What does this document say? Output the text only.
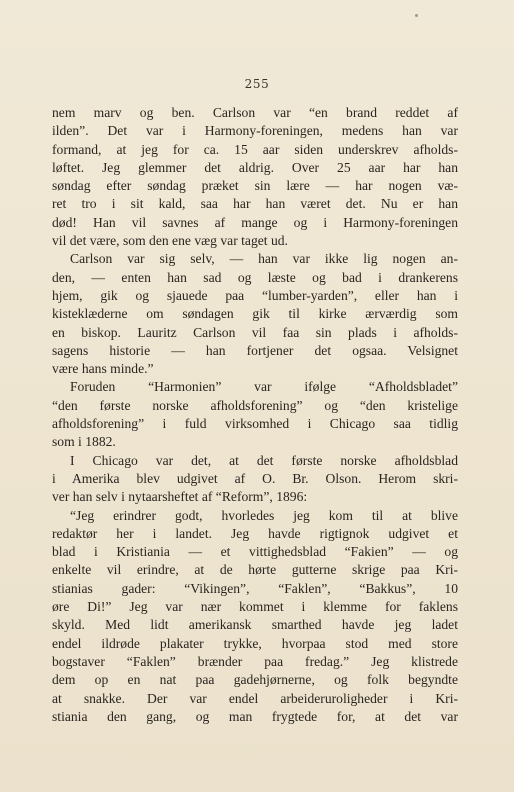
255
nem marv og ben. Carlson var “en brand reddet af
ilden”. Det var i Harmony-foreningen, medens han var
formand, at jeg for ca. 15 aar siden underskrev afholds-
løftet. Jeg glemmer det aldrig. Over 25 aar har han
søndag efter søndag præket sin lære — har nogen væ-
ret tro i sit kald, saa har han været det. Nu er han
død! Han vil savnes af mange og i Harmony-foreningen
vil det være, som den ene væg var taget ud.
Carlson var sig selv, — han var ikke lig nogen an-
den, — enten han sad og læste og bad i drankerens
hjem, gik og sjauede paa “lumber-yarden”, eller han i
kisteklæderne om søndagen gik til kirke ærværdig som
en biskop. Lauritz Carlson vil faa sin plads i afholds-
sagens historie — han fortjener det ogsaa. Velsignet
være hans minde.”
Foruden “Harmonien” var ifølge “Afholdsbladet”
“den første norske afholdsforening” og “den kristelige
afholdsforening” i fuld virksomhed i Chicago saa tidlig
som i 1882.
I Chicago var det, at det første norske afholdsblad
i Amerika blev udgivet af O. Br. Olson. Herom skri-
ver han selv i nytaarsheftet af “Reform”, 1896:
“Jeg erindrer godt, hvorledes jeg kom til at blive
redaktør her i landet. Jeg havde rigtignok udgivet et
blad i Kristiania — et vittighedsblad “Fakien” — og
enkelte vil erindre, at de hørte gutterne skrige paa Kri-
stianias gader: “Vikingen”, “Faklen”, “Bakkus”, 10
øre Di!” Jeg var nær kommet i klemme for faklens
skyld. Med lidt amerikansk smarthed havde jeg ladet
endel ildrøde plakater trykke, hvorpaa stod med store
bogstaver “Faklen” brænder paa fredag.” Jeg klistrede
dem op en nat paa gadehjørnerne, og folk begyndte
at snakke. Der var endel arbeideruroligheder i Kri-
stiania den gang, og man frygtede for, at det var
